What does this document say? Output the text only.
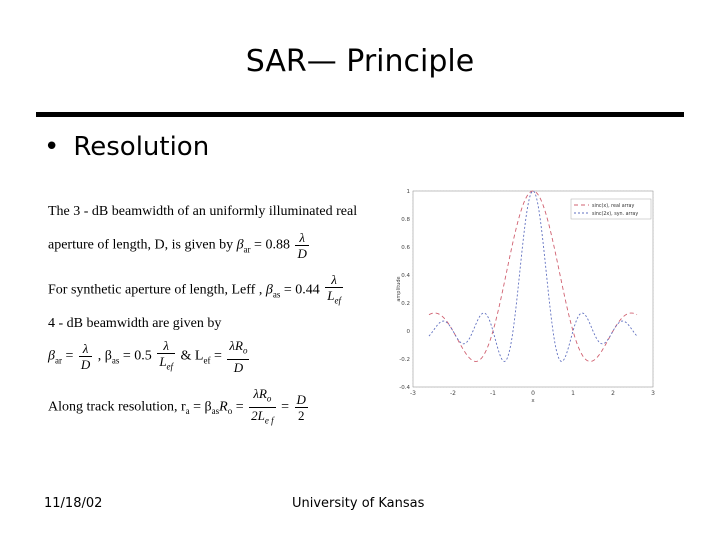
SAR— Principle
• Resolution
The 3 - dB beamwidth of an uniformly illuminated real
aperture of length, D, is given by $\beta_{ar} = 0.88 \frac{\lambda}{D}$
For synthetic aperture of length, Leff , $\beta_{as} = 0.44 \frac{\lambda}{L_{ef}}$
4 - dB beamwidth are given by
$\beta_{ar} = \frac{\lambda}{D}$ , $\beta_{as} = 0.5 \frac{\lambda}{L_{ef}}$ & $L_{ef} = \frac{\lambda R_o}{D}$
Along track resolution, $r_a = \beta_{as}R_o = \frac{\lambda R_o}{2L_{e f}} = \frac{D}{2}$	-3	-2	-1	0	1	2	3
-0.4
-0.2
0
0.2
0.4
0.6
0.8
1
x
amplitude
sinc(x), real array
sinc(2x), syn. array
11/18/02	University of Kansas
